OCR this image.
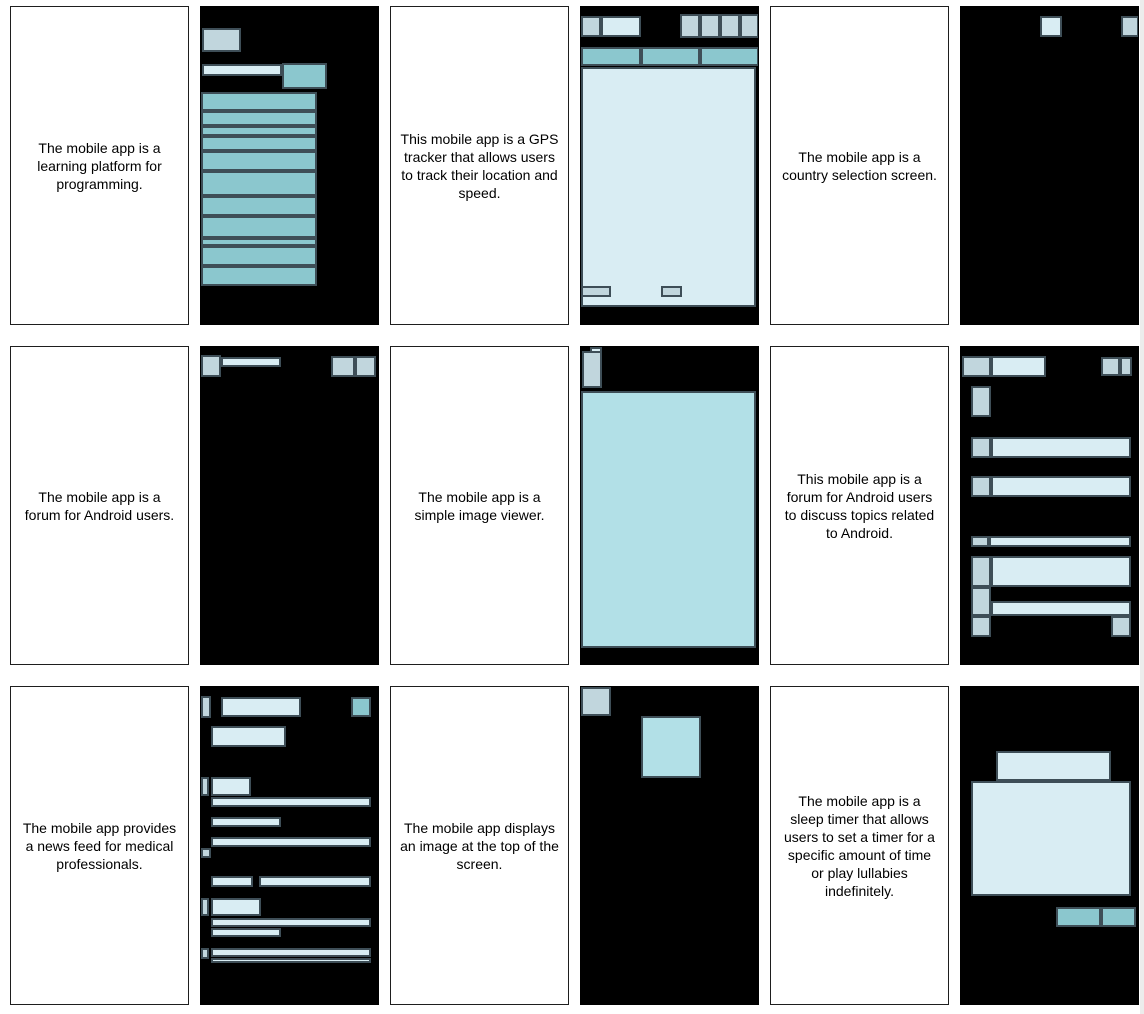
The mobile app is a learning platform for programming.
This mobile app is a GPS tracker that allows users to track their location and speed.
The mobile app is a country selection screen.
The mobile app is a forum for Android users.
The mobile app is a simple image viewer.
This mobile app is a forum for Android users to discuss topics related to Android.
The mobile app provides a news feed for medical professionals.
The mobile app displays an image at the top of the screen.
The mobile app is a sleep timer that allows users to set a timer for a specific amount of time or play lullabies indefinitely.
